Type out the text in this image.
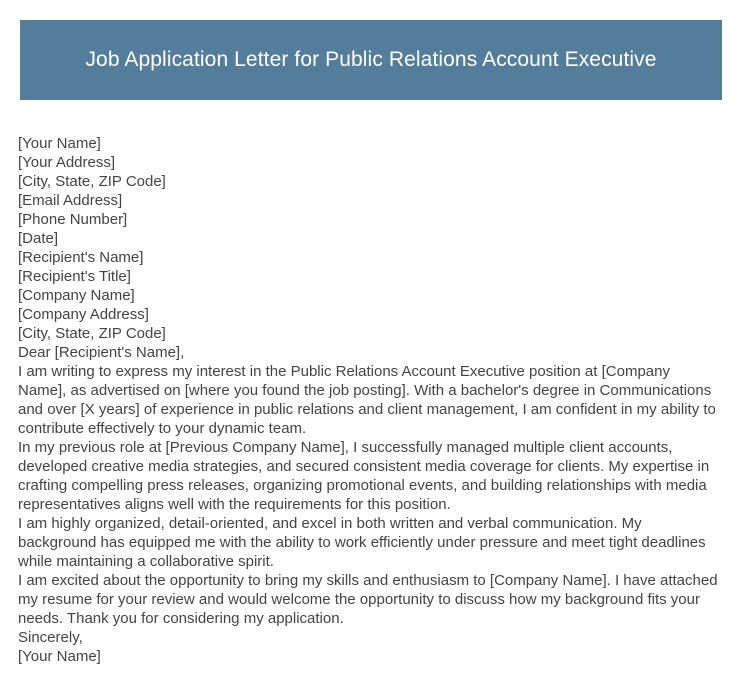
Job Application Letter for Public Relations Account Executive
[Your Name]
[Your Address]
[City, State, ZIP Code]
[Email Address]
[Phone Number]
[Date]
[Recipient's Name]
[Recipient's Title]
[Company Name]
[Company Address]
[City, State, ZIP Code]
Dear [Recipient's Name],

I am writing to express my interest in the Public Relations Account Executive position at [Company Name], as advertised on [where you found the job posting]. With a bachelor's degree in Communications and over [X years] of experience in public relations and client management, I am confident in my ability to contribute effectively to your dynamic team.

In my previous role at [Previous Company Name], I successfully managed multiple client accounts, developed creative media strategies, and secured consistent media coverage for clients. My expertise in crafting compelling press releases, organizing promotional events, and building relationships with media representatives aligns well with the requirements for this position.

I am highly organized, detail-oriented, and excel in both written and verbal communication. My background has equipped me with the ability to work efficiently under pressure and meet tight deadlines while maintaining a collaborative spirit.

I am excited about the opportunity to bring my skills and enthusiasm to [Company Name]. I have attached my resume for your review and would welcome the opportunity to discuss how my background fits your needs. Thank you for considering my application.

Sincerely,
[Your Name]
